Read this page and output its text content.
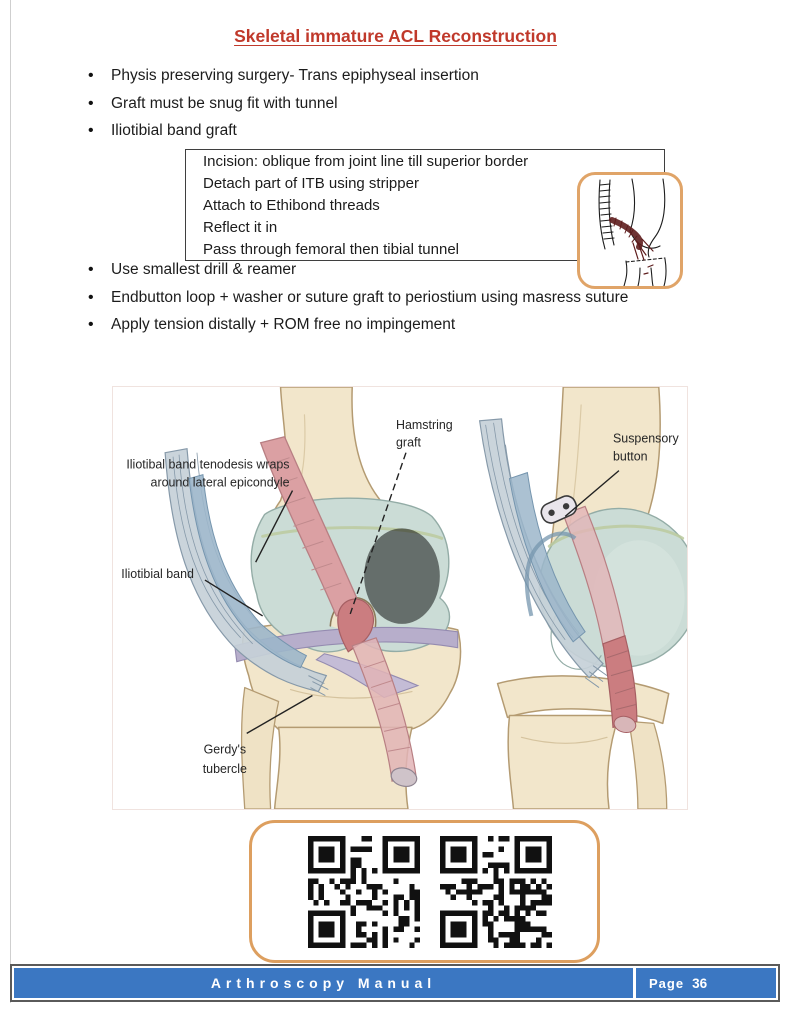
Skeletal immature ACL Reconstruction
• Physis preserving surgery- Trans epiphyseal insertion
• Graft must be snug fit with tunnel
• Iliotibial band graft
Incision: oblique from joint line till superior border
Detach part of ITB using stripper
Attach to Ethibond threads
Reflect it in
Pass through femoral then tibial tunnel
• Use smallest drill & reamer
• Endbutton loop + washer or suture graft to periostium using masress suture
• Apply tension distally + ROM free no impingement
Hamstring
graft	Suspensory
button
Iliotibal band tenodesis wraps
around lateral epicondyle
Iliotibial band
Gerdy's
tubercle
Arthroscopy Manual	Page 36
